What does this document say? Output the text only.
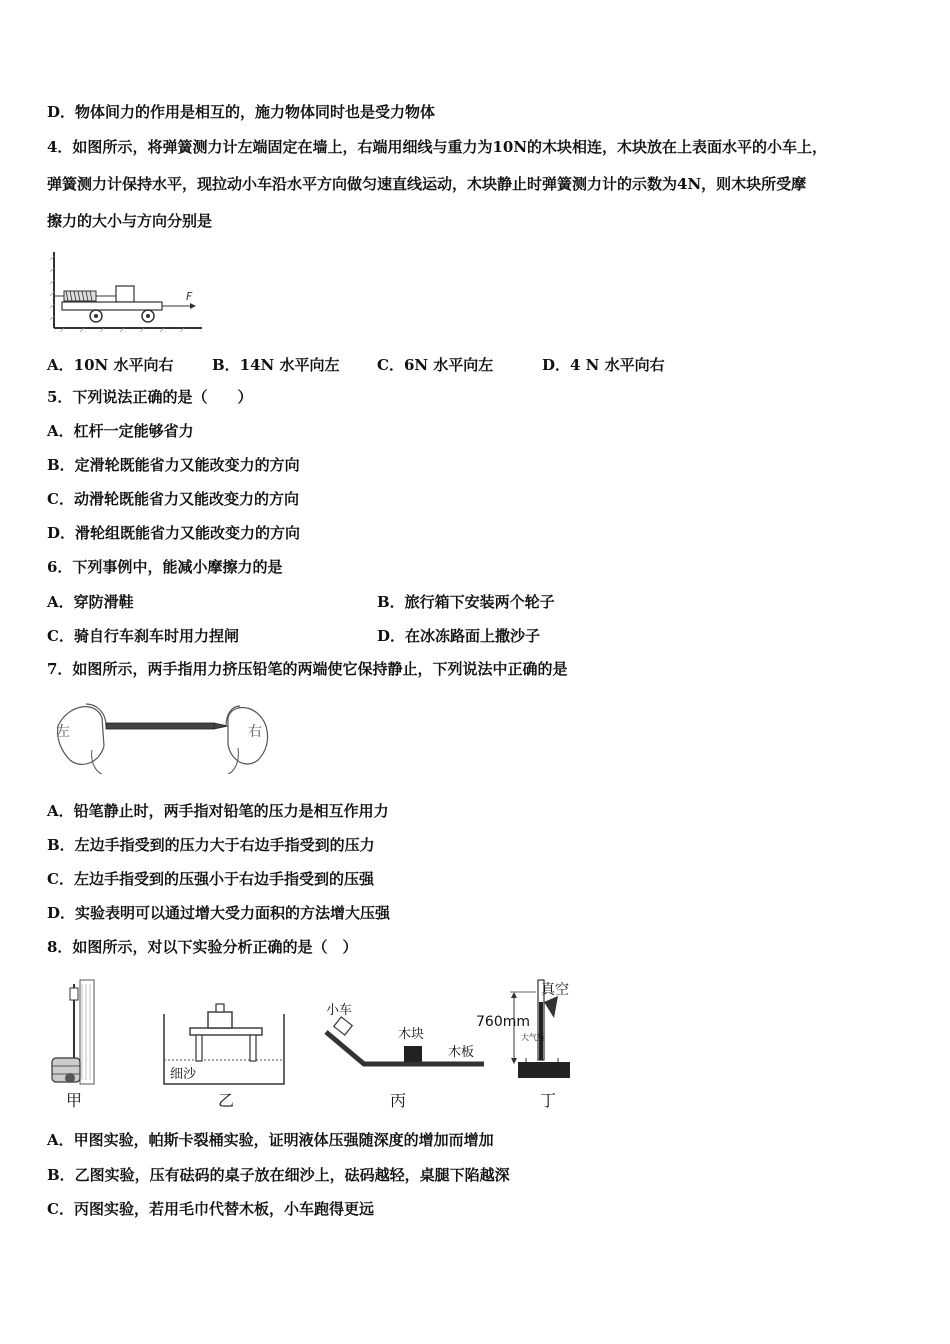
D．物体间力的作用是相互的，施力物体同时也是受力物体
4．如图所示，将弹簧测力计左端固定在墙上，右端用细线与重力为10N的木块相连，木块放在上表面水平的小车上，
弹簧测力计保持水平，现拉动小车沿水平方向做匀速直线运动，木块静止时弹簧测力计的示数为4N，则木块所受摩
擦力的大小与方向分别是
F
A．10N 水平向右	B．14N 水平向左	C．6N 水平向左	D．4 N 水平向右
5．下列说法正确的是（　　）
A．杠杆一定能够省力
B．定滑轮既能省力又能改变力的方向
C．动滑轮既能省力又能改变力的方向
D．滑轮组既能省力又能改变力的方向
6．下列事例中，能减小摩擦力的是
A．穿防滑鞋	B．旅行箱下安装两个轮子
C．骑自行车刹车时用力捏闸	D．在冰冻路面上撒沙子
7．如图所示，两手指用力挤压铅笔的两端使它保持静止，下列说法中正确的是
左	右
A．铅笔静止时，两手指对铅笔的压力是相互作用力
B．左边手指受到的压力大于右边手指受到的压力
C．左边手指受到的压强小于右边手指受到的压强
D．实验表明可以通过增大受力面积的方法增大压强
8．如图所示，对以下实验分析正确的是（　）
甲
细沙
乙
小车
木块
木板
丙
真空
760mm
大气压
丁
A．甲图实验，帕斯卡裂桶实验，证明液体压强随深度的增加而增加
B．乙图实验，压有砝码的桌子放在细沙上，砝码越轻，桌腿下陷越深
C．丙图实验，若用毛巾代替木板，小车跑得更远
